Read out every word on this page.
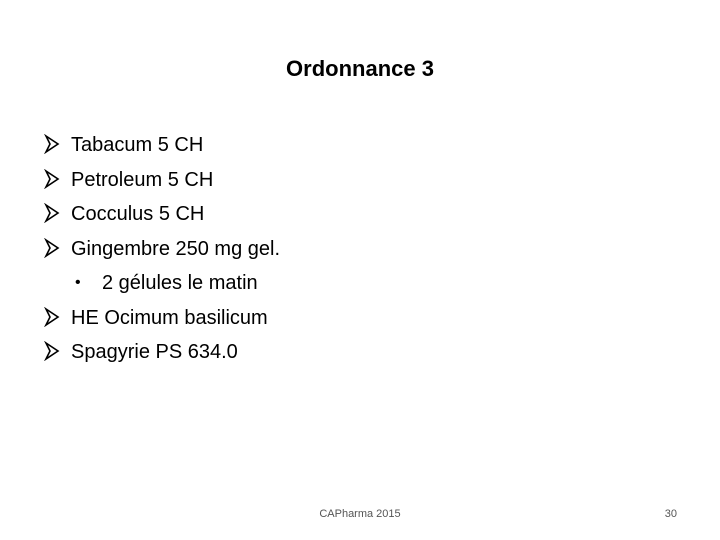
Ordonnance 3
Tabacum 5 CH
Petroleum 5 CH
Cocculus 5 CH
Gingembre 250 mg gel.
• 2 gélules le matin
HE Ocimum basilicum
Spagyrie PS 634.0
CAPharma 2015	30
